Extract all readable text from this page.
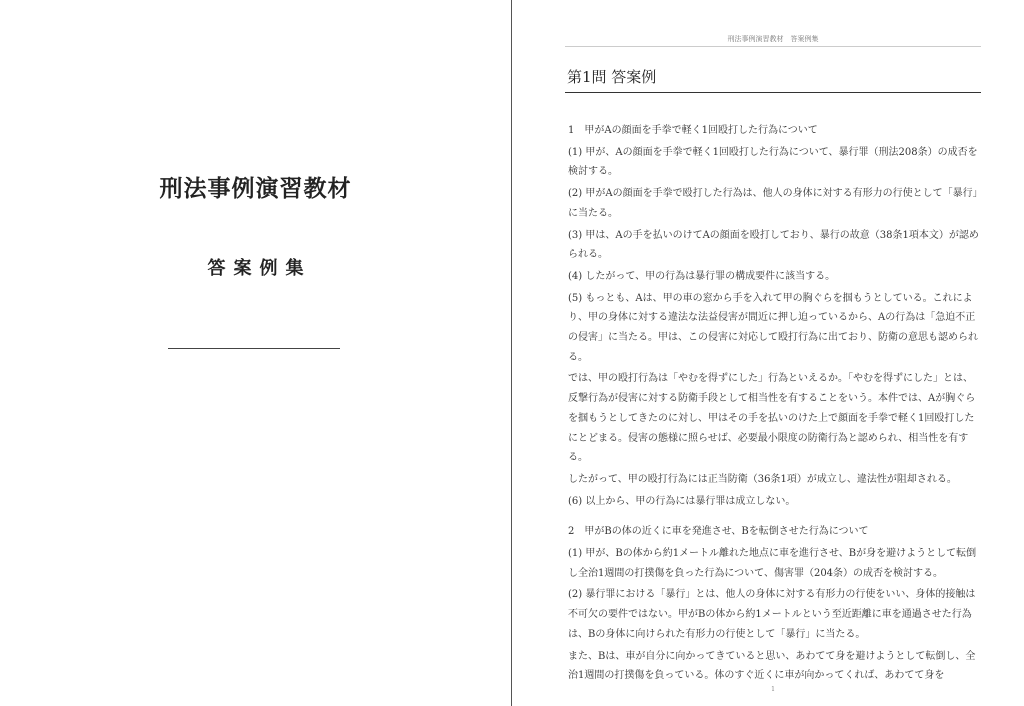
刑法事例演習教材
答案例集
刑法事例演習教材　答案例集
第1問 答案例

1　甲がAの顔面を手拳で軽く1回殴打した行為について

(1) 甲が、Aの顔面を手拳で軽く1回殴打した行為について、暴行罪（刑法208条）の成否を検討する。

(2) 甲がAの顔面を手拳で殴打した行為は、他人の身体に対する有形力の行使として「暴行」に当たる。

(3) 甲は、Aの手を払いのけてAの顔面を殴打しており、暴行の故意（38条1項本文）が認められる。

(4) したがって、甲の行為は暴行罪の構成要件に該当する。

(5) もっとも、Aは、甲の車の窓から手を入れて甲の胸ぐらを掴もうとしている。これにより、甲の身体に対する違法な法益侵害が間近に押し迫っているから、Aの行為は「急迫不正の侵害」に当たる。甲は、この侵害に対応して殴打行為に出ており、防衛の意思も認められる。

では、甲の殴打行為は「やむを得ずにした」行為といえるか。「やむを得ずにした」とは、反撃行為が侵害に対する防衛手段として相当性を有することをいう。本件では、Aが胸ぐらを掴もうとしてきたのに対し、甲はその手を払いのけた上で顔面を手拳で軽く1回殴打したにとどまる。侵害の態様に照らせば、必要最小限度の防衛行為と認められ、相当性を有する。

したがって、甲の殴打行為には正当防衛（36条1項）が成立し、違法性が阻却される。

(6) 以上から、甲の行為には暴行罪は成立しない。

2　甲がBの体の近くに車を発進させ、Bを転倒させた行為について

(1) 甲が、Bの体から約1メートル離れた地点に車を進行させ、Bが身を避けようとして転倒し全治1週間の打撲傷を負った行為について、傷害罪（204条）の成否を検討する。

(2) 暴行罪における「暴行」とは、他人の身体に対する有形力の行使をいい、身体的接触は不可欠の要件ではない。甲がBの体から約1メートルという至近距離に車を通過させた行為は、Bの身体に向けられた有形力の行使として「暴行」に当たる。

また、Bは、車が自分に向かってきていると思い、あわてて身を避けようとして転倒し、全治1週間の打撲傷を負っている。体のすぐ近くに車が向かってくれば、あわてて身を

1
